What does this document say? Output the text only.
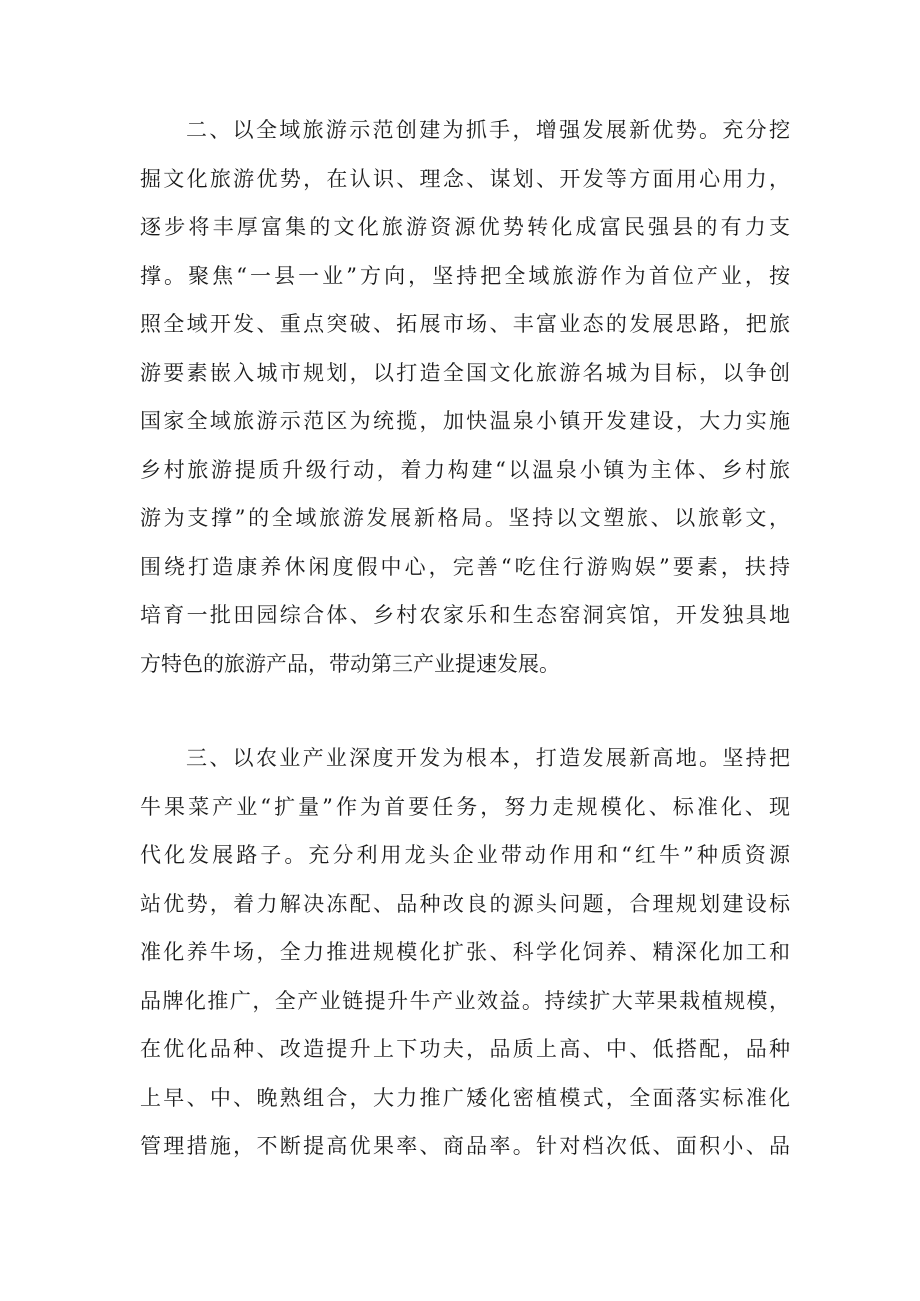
二、以全域旅游示范创建为抓手，增强发展新优势。充分挖
掘文化旅游优势，在认识、理念、谋划、开发等方面用心用力，
逐步将丰厚富集的文化旅游资源优势转化成富民强县的有力支
撑。聚焦“一县一业”方向，坚持把全域旅游作为首位产业，按
照全域开发、重点突破、拓展市场、丰富业态的发展思路，把旅
游要素嵌入城市规划，以打造全国文化旅游名城为目标，以争创
国家全域旅游示范区为统揽，加快温泉小镇开发建设，大力实施
乡村旅游提质升级行动，着力构建“以温泉小镇为主体、乡村旅
游为支撑”的全域旅游发展新格局。坚持以文塑旅、以旅彰文，
围绕打造康养休闲度假中心，完善“吃住行游购娱”要素，扶持
培育一批田园综合体、乡村农家乐和生态窑洞宾馆，开发独具地
方特色的旅游产品，带动第三产业提速发展。
三、以农业产业深度开发为根本，打造发展新高地。坚持把
牛果菜产业“扩量”作为首要任务，努力走规模化、标准化、现
代化发展路子。充分利用龙头企业带动作用和“红牛”种质资源
站优势，着力解决冻配、品种改良的源头问题，合理规划建设标
准化养牛场，全力推进规模化扩张、科学化饲养、精深化加工和
品牌化推广，全产业链提升牛产业效益。持续扩大苹果栽植规模，
在优化品种、改造提升上下功夫，品质上高、中、低搭配，品种
上早、中、晚熟组合，大力推广矮化密植模式，全面落实标准化
管理措施，不断提高优果率、商品率。针对档次低、面积小、品
